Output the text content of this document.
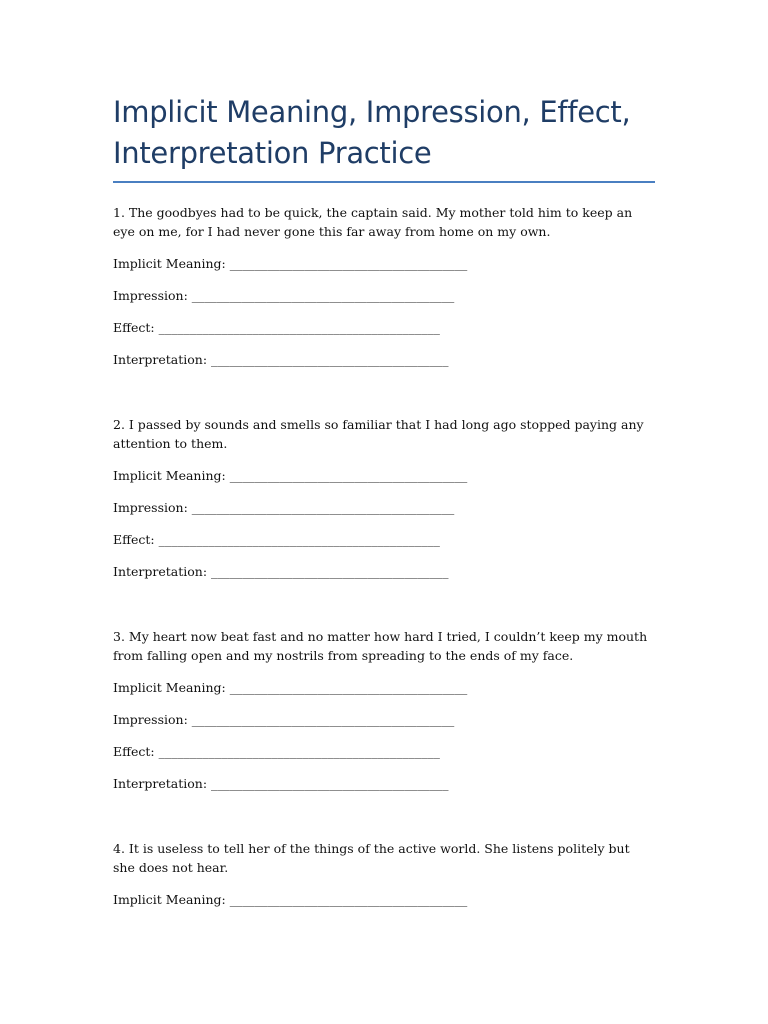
Implicit Meaning, Impression, Effect, Interpretation Practice

1. The goodbyes had to be quick, the captain said. My mother told him to keep an eye on me, for I had never gone this far away from home on my own.

Implicit Meaning: ______________________________________

Impression: __________________________________________

Effect: _____________________________________________

Interpretation: ______________________________________

2. I passed by sounds and smells so familiar that I had long ago stopped paying any attention to them.

Implicit Meaning: ______________________________________

Impression: __________________________________________

Effect: _____________________________________________

Interpretation: ______________________________________

3. My heart now beat fast and no matter how hard I tried, I couldn’t keep my mouth from falling open and my nostrils from spreading to the ends of my face.

Implicit Meaning: ______________________________________

Impression: __________________________________________

Effect: _____________________________________________

Interpretation: ______________________________________

4. It is useless to tell her of the things of the active world. She listens politely but she does not hear.

Implicit Meaning: ______________________________________
